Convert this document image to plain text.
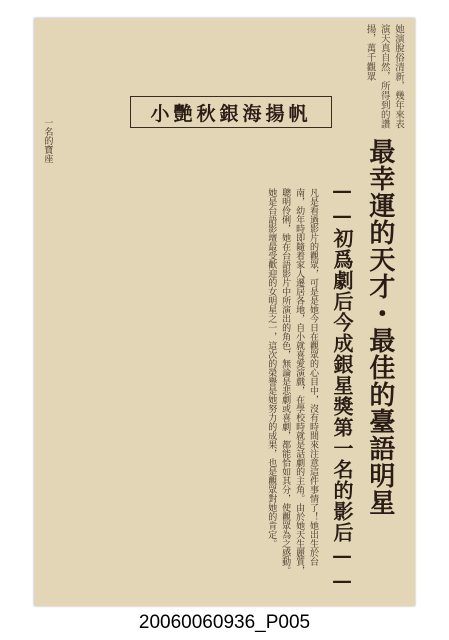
她演脫俗清新，幾年來表演天真自然，所得到的讚揚，萬千觀眾
小艷秋銀海揚帆
最幸運的天才・最佳的臺語明星
——初爲劇后今成銀星獎第一名的影后——
凡是看過影片的觀眾，可是是她今日在觀眾的心目中，沒有時間來注意這件事情了！她出生於台南，幼年時即隨着家人遷居各地，自小就喜愛演戲，在學校時就是話劇的主角。由於她天生麗質，聰明伶俐，她在台語影片中所演出的角色，無論是悲劇或喜劇，都能恰如其分，使觀眾為之感動。她是台語影壇最受歡迎的女明星之一，這次的榮譽是她努力的成果，也是觀眾對她的肯定。
一名的寶座
20060060936_P005
